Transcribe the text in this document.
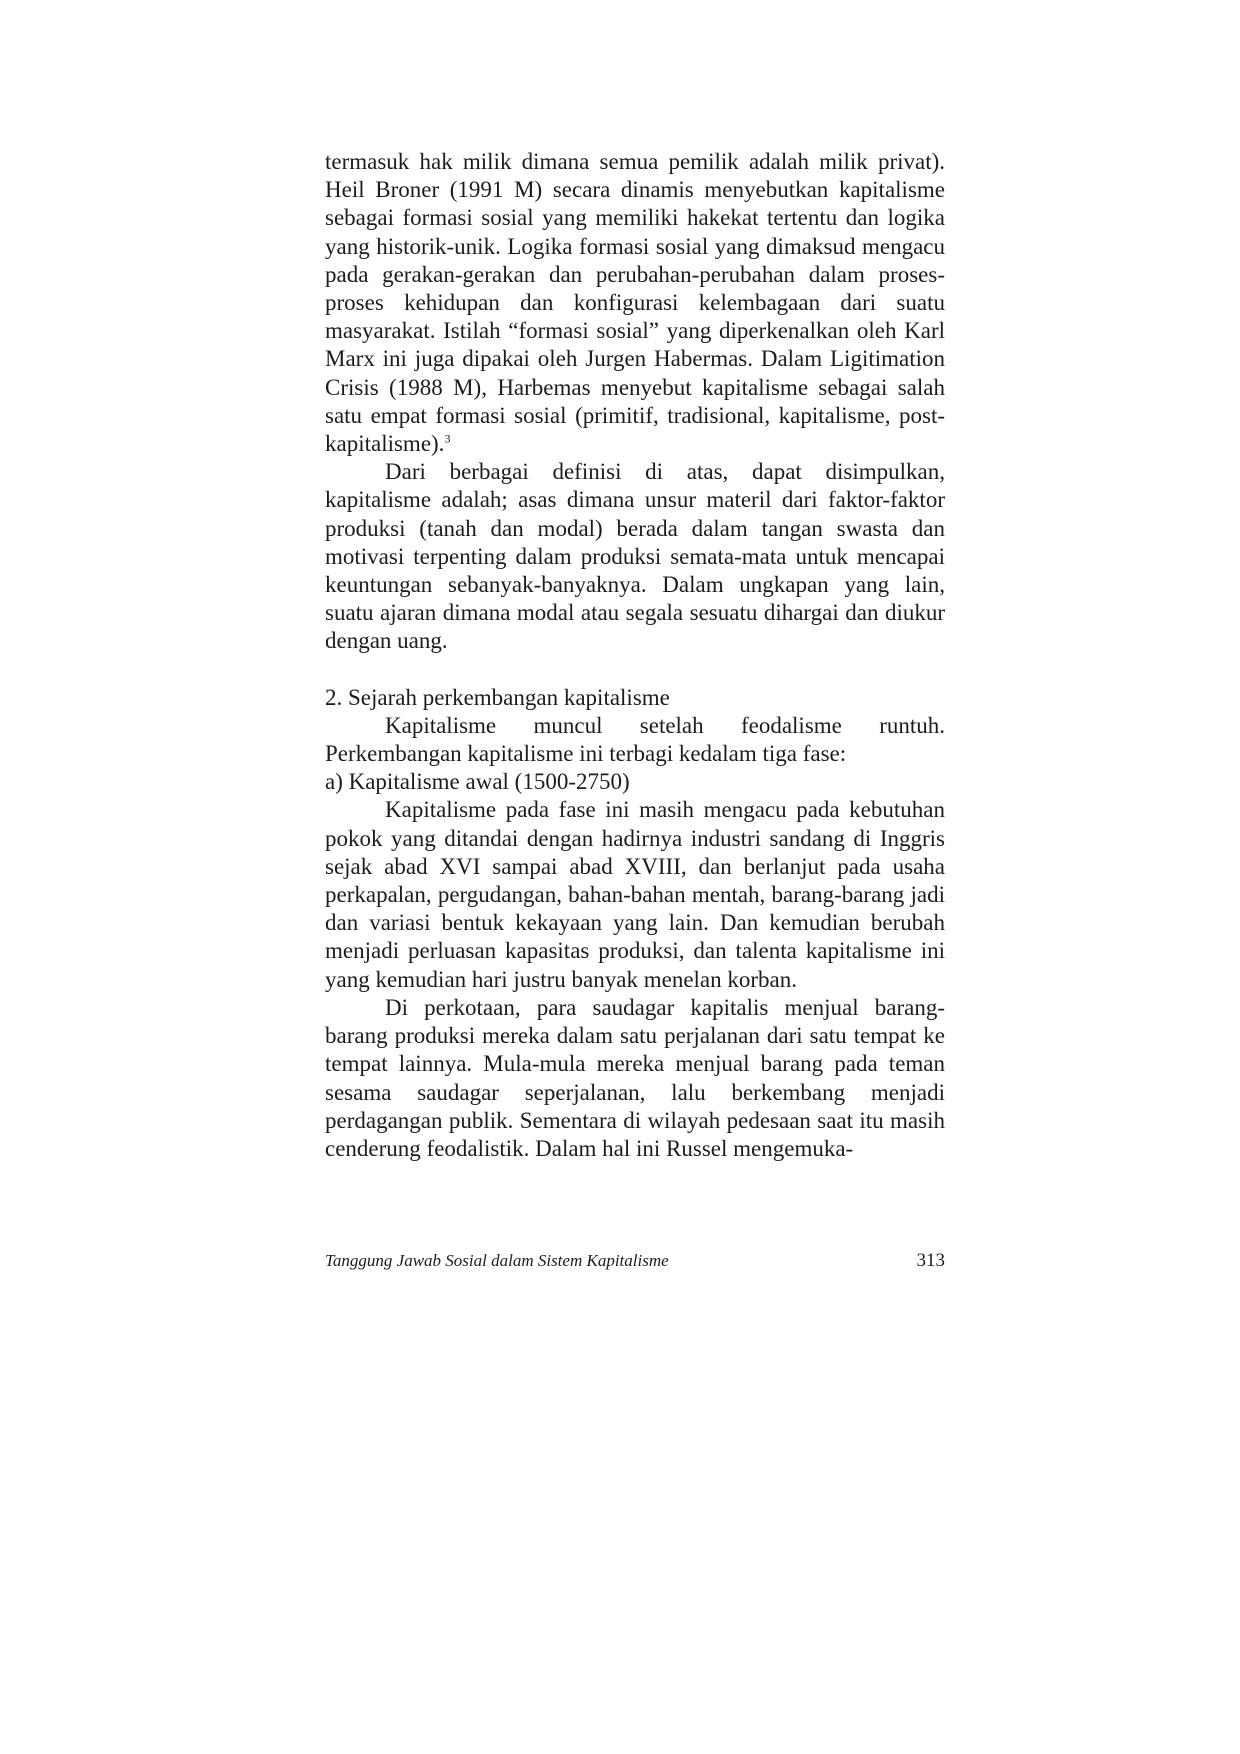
termasuk hak milik dimana semua pemilik adalah milik privat). Heil Broner (1991 M) secara dinamis menyebutkan kapitalisme sebagai formasi sosial yang memiliki hakekat tertentu dan logika yang historik-unik. Logika formasi sosial yang dimaksud mengacu pada gerakan-gerakan dan perubahan-perubahan dalam proses-proses kehidupan dan konfigurasi kelembagaan dari suatu masyarakat. Istilah “formasi sosial” yang diperkenalkan oleh Karl Marx ini juga dipakai oleh Jurgen Habermas. Dalam Ligitimation Crisis (1988 M), Harbemas menyebut kapitalisme sebagai salah satu empat formasi sosial (primitif, tradisional, kapitalisme, post-kapitalisme).$^3$

Dari berbagai definisi di atas, dapat disimpulkan, kapitalisme adalah; asas dimana unsur materil dari faktor-faktor produksi (tanah dan modal) berada dalam tangan swasta dan motivasi terpenting dalam produksi semata-mata untuk mencapai keuntungan sebanyak-banyaknya. Dalam ungkapan yang lain, suatu ajaran dimana modal atau segala sesuatu dihargai dan diukur dengan uang.

2. Sejarah perkembangan kapitalisme

Kapitalisme muncul setelah feodalisme runtuh. Perkembangan kapitalisme ini terbagi kedalam tiga fase:

a) Kapitalisme awal (1500-2750)

Kapitalisme pada fase ini masih mengacu pada kebutuhan pokok yang ditandai dengan hadirnya industri sandang di Inggris sejak abad XVI sampai abad XVIII, dan berlanjut pada usaha perkapalan, pergudangan, bahan-bahan mentah, barang-barang jadi dan variasi bentuk kekayaan yang lain. Dan kemudian berubah menjadi perluasan kapasitas produksi, dan talenta kapitalisme ini yang kemudian hari justru banyak menelan korban.

Di perkotaan, para saudagar kapitalis menjual barang-barang produksi mereka dalam satu perjalanan dari satu tempat ke tempat lainnya. Mula-mula mereka menjual barang pada teman sesama saudagar seperjalanan, lalu berkembang menjadi perdagangan publik. Sementara di wilayah pedesaan saat itu masih cenderung feodalistik. Dalam hal ini Russel mengemuka-

Tanggung Jawab Sosial dalam Sistem Kapitalisme	313
